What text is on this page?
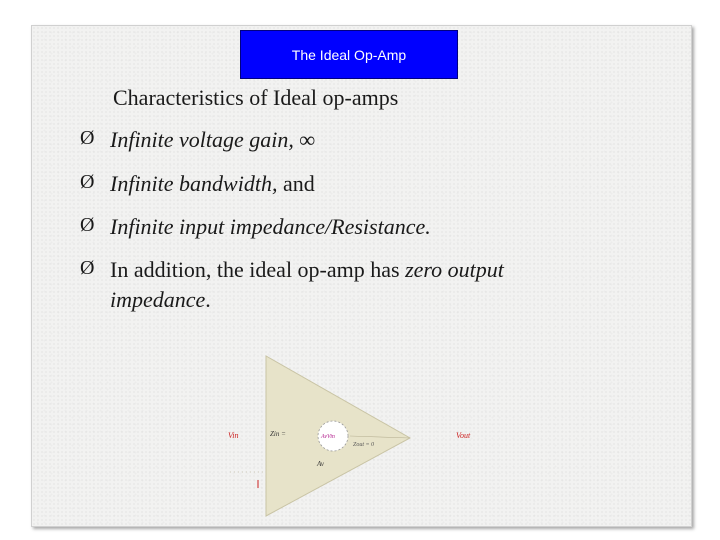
The Ideal Op-Amp
Characteristics of Ideal op-amps
Ø Infinite voltage gain, ∞
Ø Infinite bandwidth, and
Ø Infinite input impedance/Resistance.
Ø In addition, the ideal op-amp has zero output impedance.
Vin	Zin =	AvVin
Zout = 0
Vout
Av
